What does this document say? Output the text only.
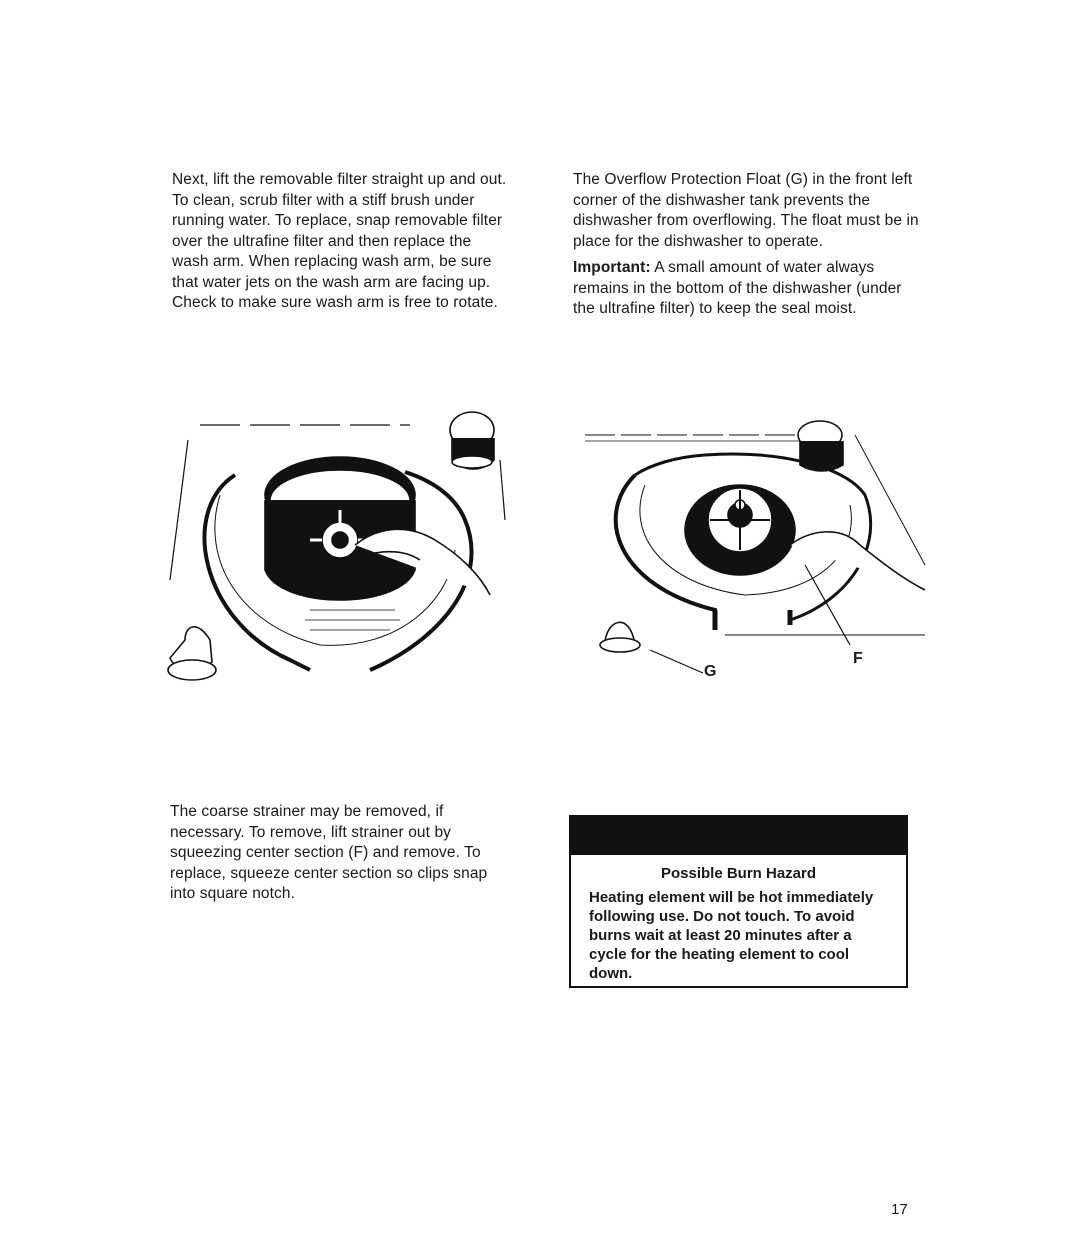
Next, lift the removable filter straight up and out. To clean, scrub filter with a stiff brush under running water. To replace, snap removable filter over the ultrafine filter and then replace the wash arm. When replacing wash arm, be sure that water jets on the wash arm are facing up. Check to make sure wash arm is free to rotate.

The Overflow Protection Float (G) in the front left corner of the dishwasher tank prevents the dishwasher from overflowing. The float must be in place for the dishwasher to operate.

Important: A small amount of water always remains in the bottom of the dishwasher (under the ultrafine filter) to keep the seal moist.

G
F

The coarse strainer may be removed, if necessary. To remove, lift strainer out by squeezing center section (F) and remove. To replace, squeeze center section so clips snap into square notch.

Possible Burn Hazard
Heating element will be hot immediately following use. Do not touch. To avoid burns wait at least 20 minutes after a cycle for the heating element to cool down.
17
